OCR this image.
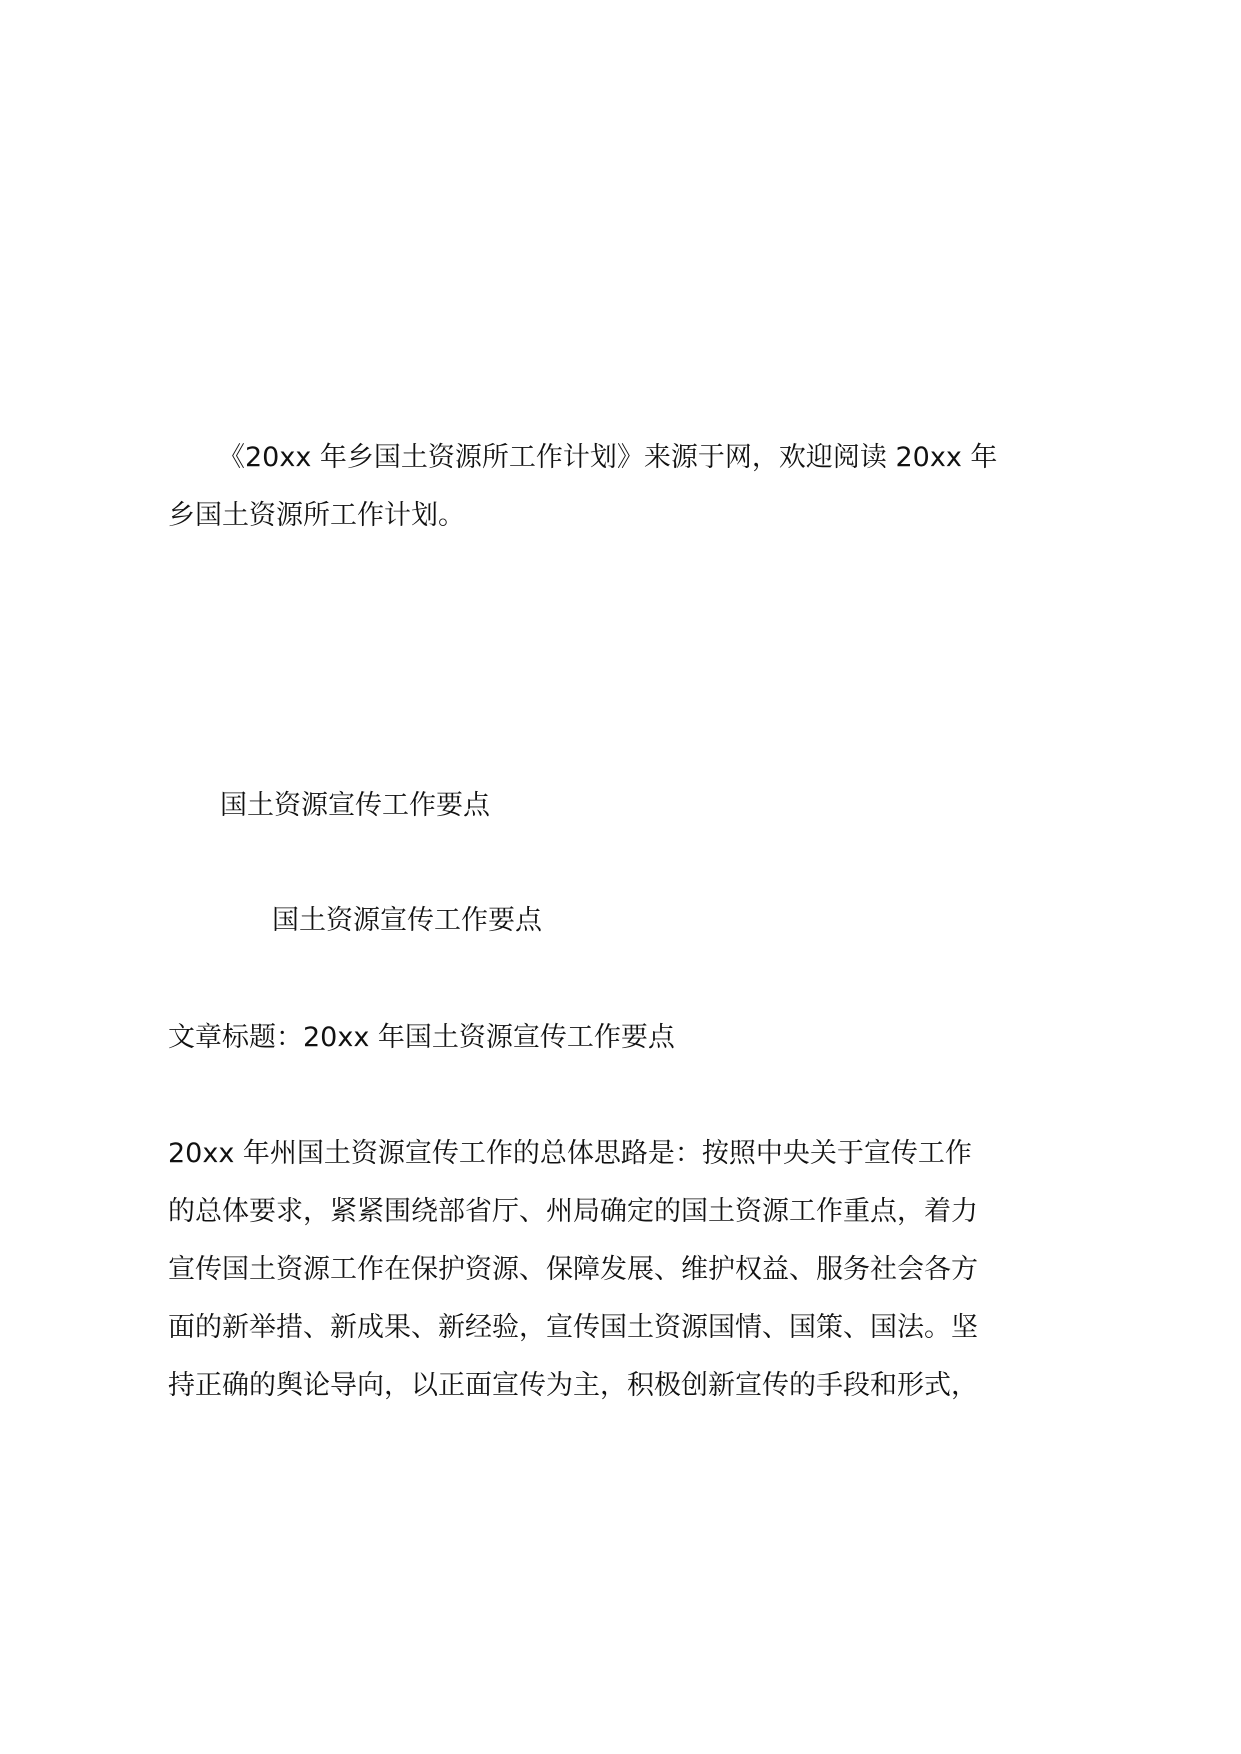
《20xx 年乡国土资源所工作计划》来源于网，欢迎阅读 20xx 年
乡国土资源所工作计划。
国土资源宣传工作要点
国土资源宣传工作要点
文章标题：20xx 年国土资源宣传工作要点
20xx 年州国土资源宣传工作的总体思路是：按照中央关于宣传工作
的总体要求，紧紧围绕部省厅、州局确定的国土资源工作重点，着力
宣传国土资源工作在保护资源、保障发展、维护权益、服务社会各方
面的新举措、新成果、新经验，宣传国土资源国情、国策、国法。坚
持正确的舆论导向，以正面宣传为主，积极创新宣传的手段和形式，
